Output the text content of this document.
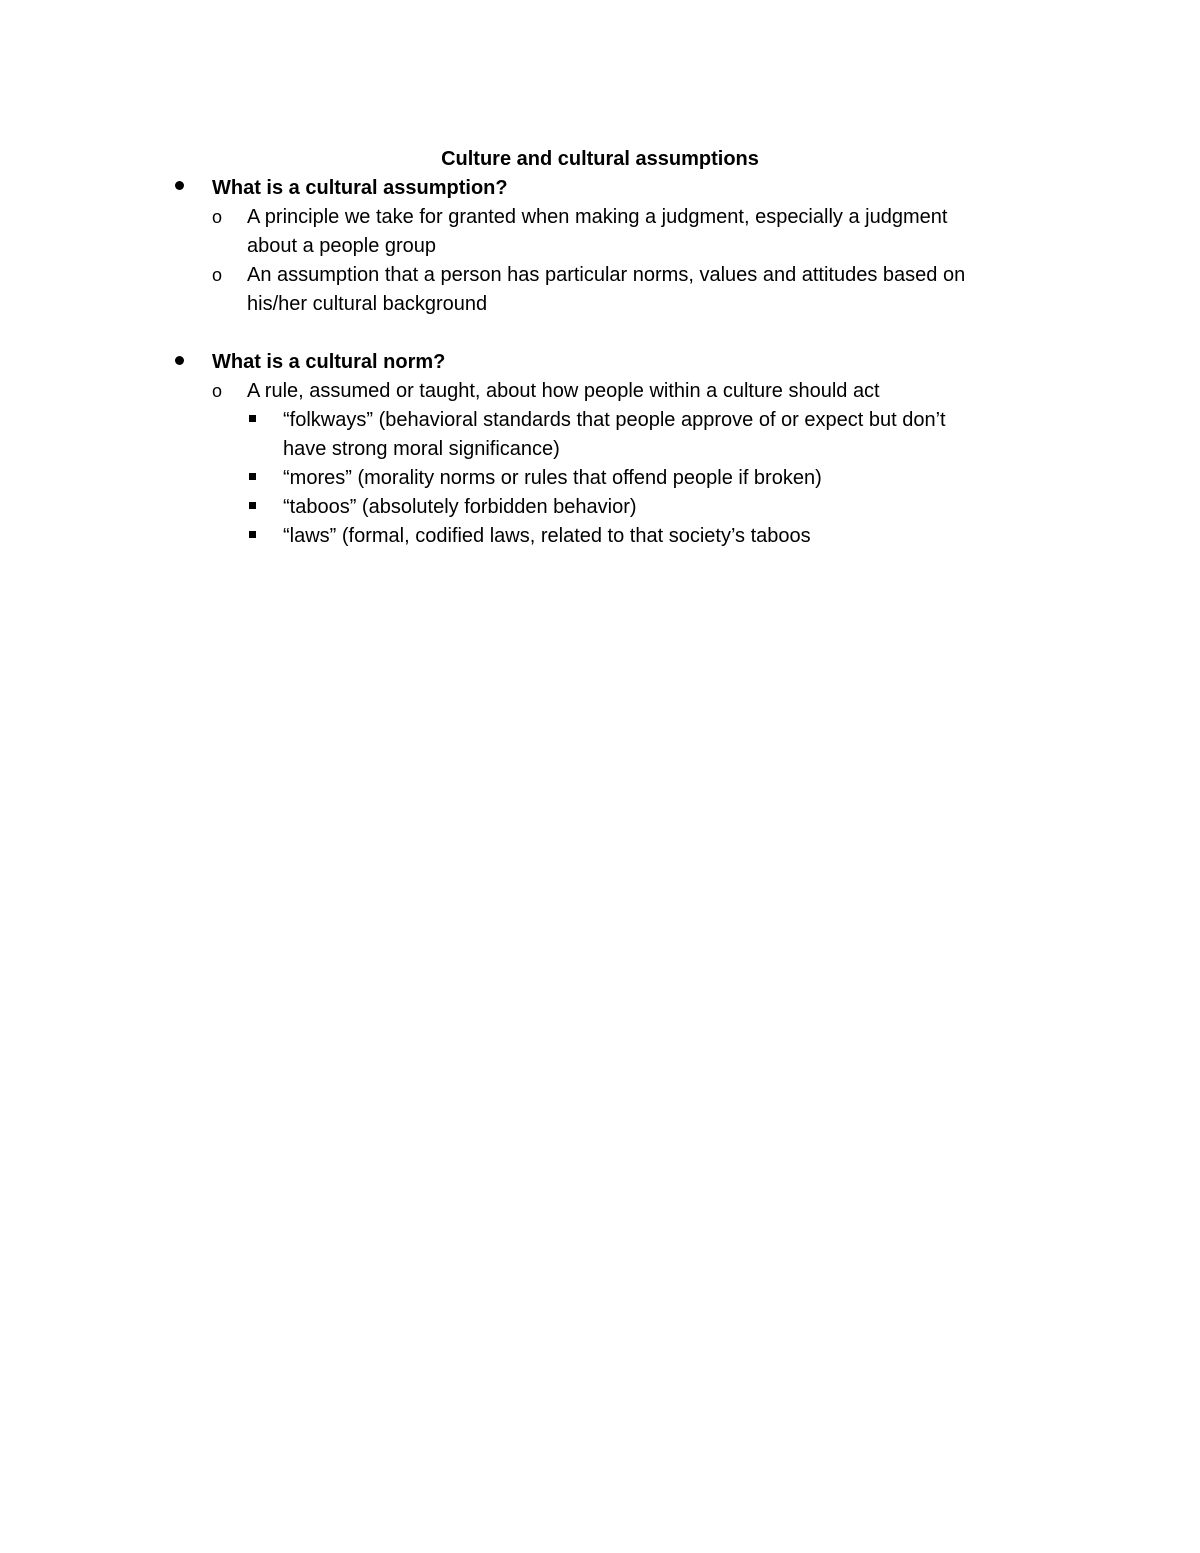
Culture and cultural assumptions
What is a cultural assumption?
o A principle we take for granted when making a judgment, especially a judgment
about a people group
o An assumption that a person has particular norms, values and attitudes based on
his/her cultural background
What is a cultural norm?
o A rule, assumed or taught, about how people within a culture should act
“folkways” (behavioral standards that people approve of or expect but don’t
have strong moral significance)
“mores” (morality norms or rules that offend people if broken)
“taboos” (absolutely forbidden behavior)
“laws” (formal, codified laws, related to that society’s taboos
